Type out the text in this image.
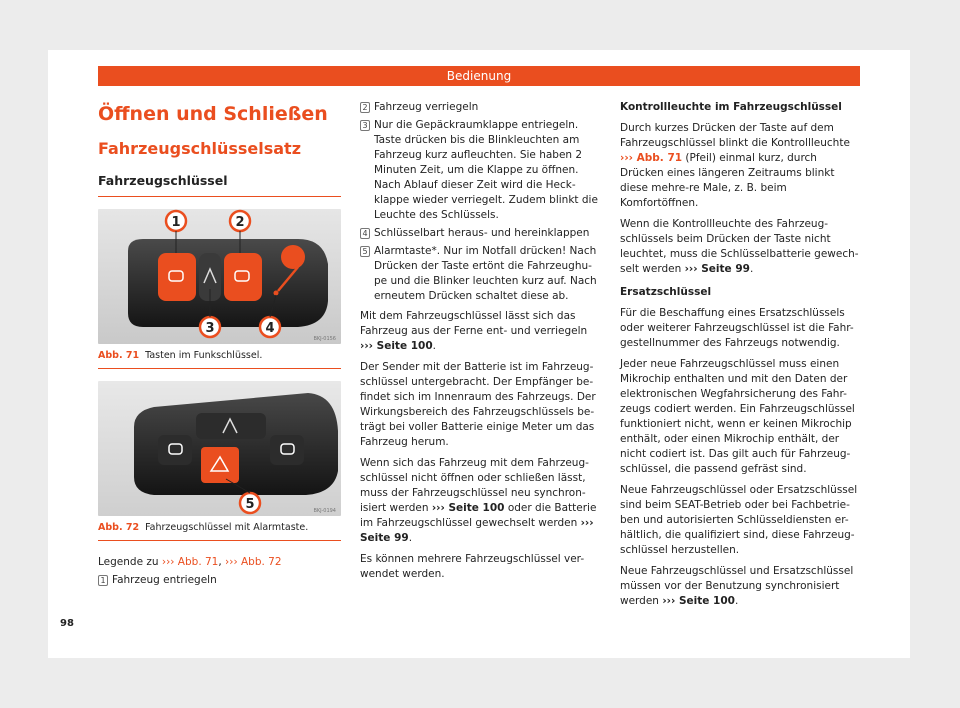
Bedienung
Öffnen und Schließen
Fahrzeugschlüsselsatz
Fahrzeugschlüssel
1	2
3	4
BKJ-0156
Abb. 71 Tasten im Funkschlüssel.
5	BKJ-0194
Abb. 72 Fahrzeugschlüssel mit Alarmtaste.
Legende zu ››› Abb. 71, ››› Abb. 72
1 Fahrzeug entriegeln
2 Fahrzeug verriegeln
3 Nur die Gepäckraumklappe entriegeln. Taste drücken bis die Blinkleuchten am Fahrzeug kurz aufleuchten. Sie haben 2 Minuten Zeit, um die Klappe zu öffnen. Nach Ablauf dieser Zeit wird die Heck-klappe wieder verriegelt. Zudem blinkt die Leuchte des Schlüssels.
4 Schlüsselbart heraus- und hereinklappen
5 Alarmtaste*. Nur im Notfall drücken! Nach Drücken der Taste ertönt die Fahrzeughu-pe und die Blinker leuchten kurz auf. Nach erneutem Drücken schaltet diese ab.

Mit dem Fahrzeugschlüssel lässt sich das Fahrzeug aus der Ferne ent- und verriegeln ››› Seite 100.

Der Sender mit der Batterie ist im Fahrzeug-schlüssel untergebracht. Der Empfänger be-findet sich im Innenraum des Fahrzeugs. Der Wirkungsbereich des Fahrzeugschlüssels be-trägt bei voller Batterie einige Meter um das Fahrzeug herum.

Wenn sich das Fahrzeug mit dem Fahrzeug-schlüssel nicht öffnen oder schließen lässt, muss der Fahrzeugschlüssel neu synchron-isiert werden ››› Seite 100 oder die Batterie im Fahrzeugschlüssel gewechselt werden ››› Seite 99.

Es können mehrere Fahrzeugschlüssel ver-wendet werden.

Kontrollleuchte im Fahrzeugschlüssel

Durch kurzes Drücken der Taste auf dem Fahrzeugschlüssel blinkt die Kontrollleuchte ››› Abb. 71 (Pfeil) einmal kurz, durch Drücken eines längeren Zeitraums blinkt diese mehre-re Male, z. B. beim Komfortöffnen.

Wenn die Kontrollleuchte des Fahrzeug-schlüssels beim Drücken der Taste nicht leuchtet, muss die Schlüsselbatterie gewech-selt werden ››› Seite 99.

Ersatzschlüssel

Für die Beschaffung eines Ersatzschlüssels oder weiterer Fahrzeugschlüssel ist die Fahr-gestellnummer des Fahrzeugs notwendig.

Jeder neue Fahrzeugschlüssel muss einen Mikrochip enthalten und mit den Daten der elektronischen Wegfahrsicherung des Fahr-zeugs codiert werden. Ein Fahrzeugschlüssel funktioniert nicht, wenn er keinen Mikrochip enthält, oder einen Mikrochip enthält, der nicht codiert ist. Das gilt auch für Fahrzeug-schlüssel, die passend gefräst sind.

Neue Fahrzeugschlüssel oder Ersatzschlüssel sind beim SEAT-Betrieb oder bei Fachbetrie-ben und autorisierten Schlüsseldiensten er-hältlich, die qualifiziert sind, diese Fahrzeug-schlüssel herzustellen.

Neue Fahrzeugschlüssel und Ersatzschlüssel müssen vor der Benutzung synchronisiert werden ››› Seite 100.

98
